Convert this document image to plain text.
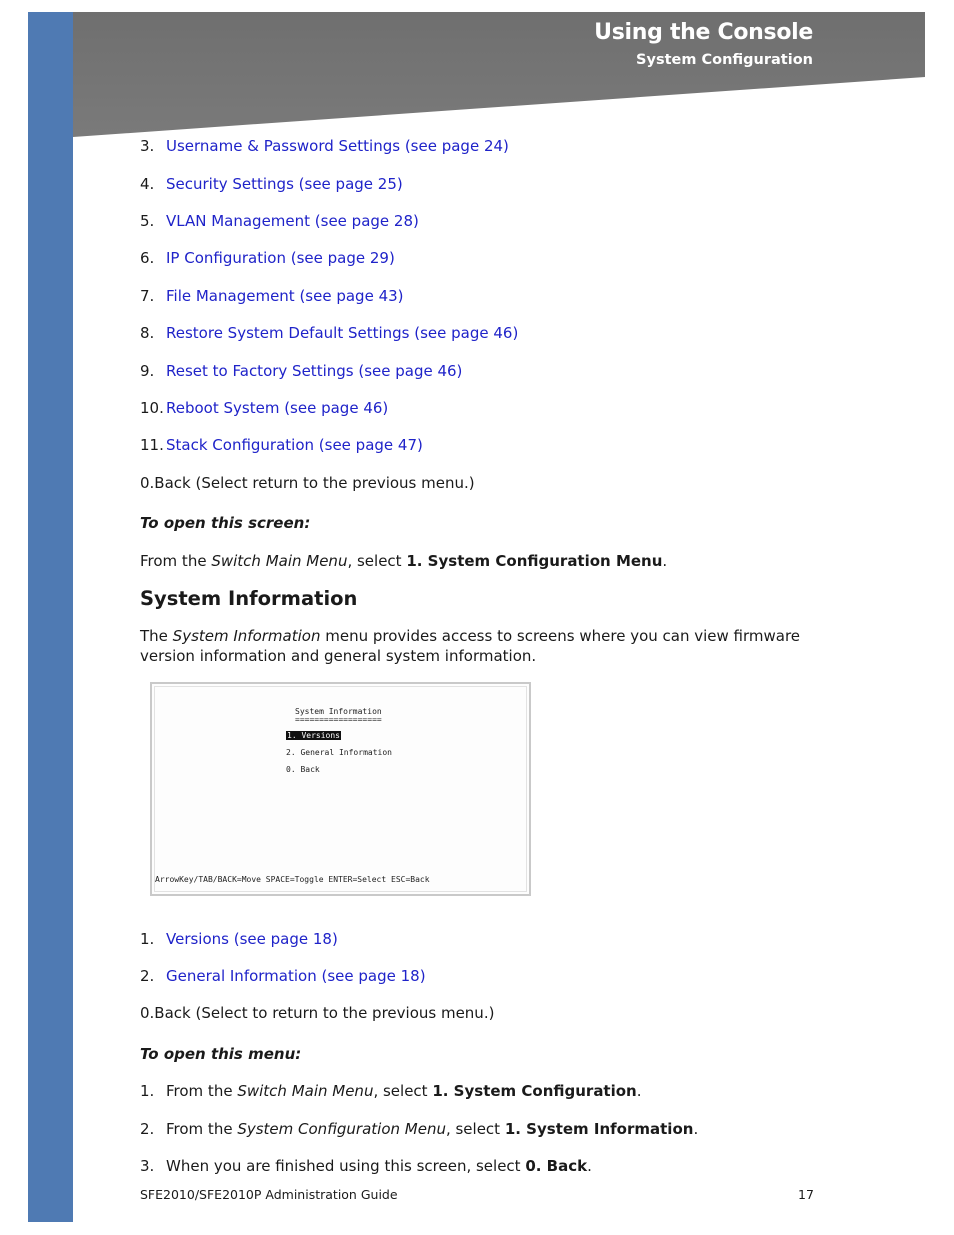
Using the Console
System Configuration
3. Username & Password Settings (see page 24)
4. Security Settings (see page 25)
5. VLAN Management (see page 28)
6. IP Configuration (see page 29)
7. File Management (see page 43)
8. Restore System Default Settings (see page 46)
9. Reset to Factory Settings (see page 46)
10. Reboot System (see page 46)
11. Stack Configuration (see page 47)
0.Back (Select return to the previous menu.)
To open this screen:
From the Switch Main Menu, select 1. System Configuration Menu.
System Information
The System Information menu provides access to screens where you can view firmware version information and general system information.
System Information
==================
1. Versions
2. General Information
0. Back
ArrowKey/TAB/BACK=Move SPACE=Toggle ENTER=Select ESC=Back
1. Versions (see page 18)
2. General Information (see page 18)
0.Back (Select to return to the previous menu.)
To open this menu:
1. From the Switch Main Menu, select 1. System Configuration.
2. From the System Configuration Menu, select 1. System Information.
3. When you are finished using this screen, select 0. Back.
SFE2010/SFE2010P Administration Guide	17
